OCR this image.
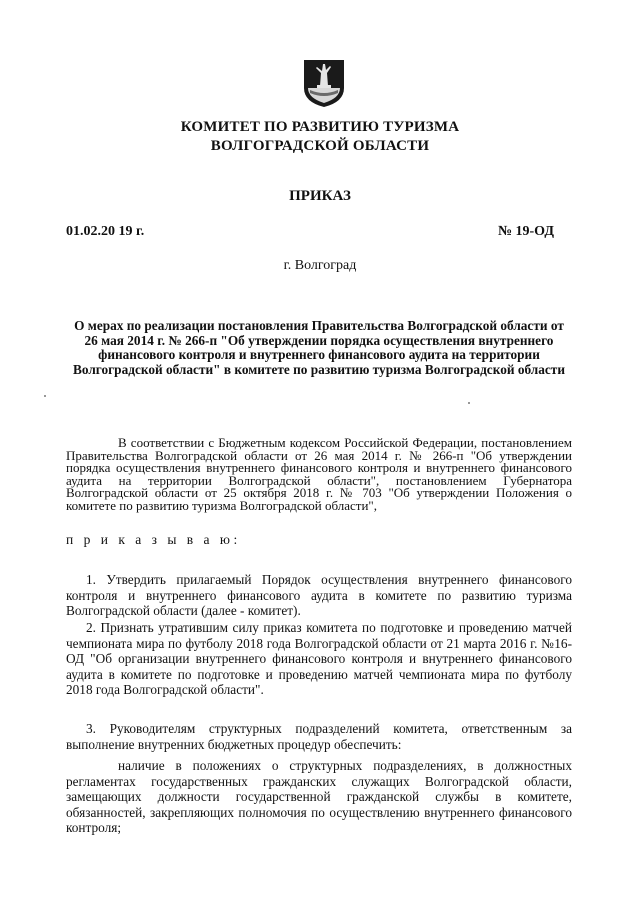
КОМИТЕТ ПО РАЗВИТИЮ ТУРИЗМА
ВОЛГОГРАДСКОЙ ОБЛАСТИ
ПРИКАЗ
01.02.20 19 г.	№ 19-ОД
г. Волгоград
О мерах по реализации постановления Правительства Волгоградской области от 26 мая 2014 г. № 266-п "Об утверждении порядка осуществления внутреннего финансового контроля и внутреннего финансового аудита на территории Волгоградской области" в комитете по развитию туризма Волгоградской области
В соответствии с Бюджетным кодексом Российской Федерации, постановлением Правительства Волгоградской области от 26 мая 2014 г. № 266-п "Об утверждении порядка осуществления внутреннего финансового контроля и внутреннего финансового аудита на территории Волгоградской области", постановлением Губернатора Волгоградской области от 25 октября 2018 г. № 703 "Об утверждении Положения о комитете по развитию туризма Волгоградской области",
п р и к а з ы в а ю:
1. Утвердить прилагаемый Порядок осуществления внутреннего финансового контроля и внутреннего финансового аудита в комитете по развитию туризма Волгоградской области (далее - комитет).
2. Признать утратившим силу приказ комитета по подготовке и проведению матчей чемпионата мира по футболу 2018 года Волгоградской области от 21 марта 2016 г. №16-ОД "Об организации внутреннего финансового контроля и внутреннего финансового аудита в комитете по подготовке и проведению матчей чемпионата мира по футболу 2018 года Волгоградской области".
3. Руководителям структурных подразделений комитета, ответственным за выполнение внутренних бюджетных процедур обеспечить:
наличие в положениях о структурных подразделениях, в должностных регламентах государственных гражданских служащих Волгоградской области, замещающих должности государственной гражданской службы в комитете, обязанностей, закрепляющих полномочия по осуществлению внутреннего финансового контроля;
